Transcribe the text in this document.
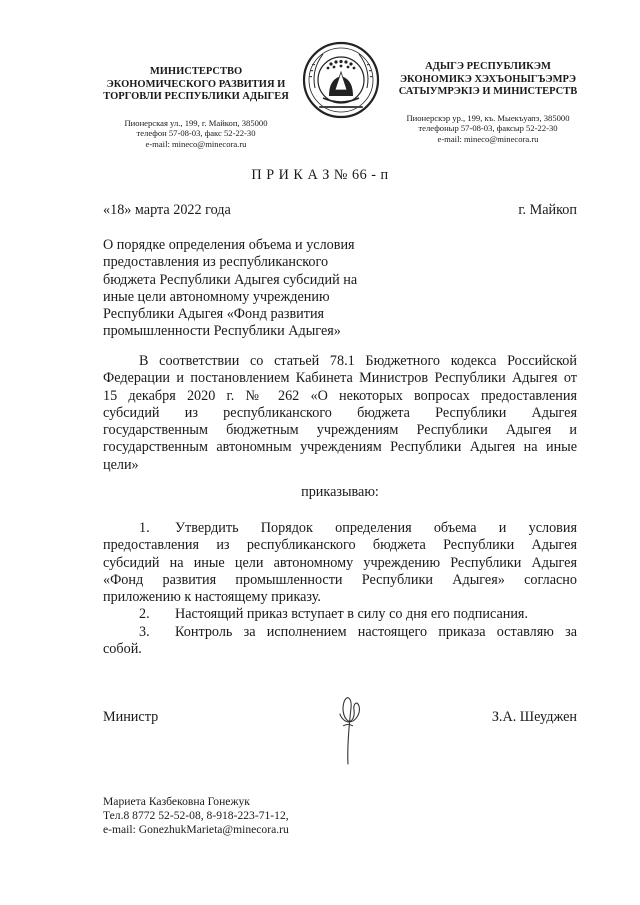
МИНИСТЕРСТВО
ЭКОНОМИЧЕСКОГО РАЗВИТИЯ И
ТОРГОВЛИ РЕСПУБЛИКИ АДЫГЕЯ
Пионерская ул., 199, г. Майкоп, 385000
телефон 57-08-03, факс 52-22-30
e-mail: mineco@minecora.ru
АДЫГЭ РЕСПУБЛИКЭМ
ЭКОНОМИКЭ ХЭХЪОНЫГЪЭМРЭ
САТЫУМРЭКIЭ И МИНИСТЕРСТВ
Пионерскэр ур., 199, къ. Мыекъуапэ, 385000
телефоныр 57-08-03, факсыр 52-22-30
e-mail: mineco@minecora.ru
П Р И К А З № 66 - п
«18» марта 2022 года	г. Майкоп
О порядке определения объема и условия
предоставления из республиканского
бюджета Республики Адыгея субсидий на
иные цели автономному учреждению
Республики Адыгея «Фонд развития
промышленности Республики Адыгея»
В соответствии со статьей 78.1 Бюджетного кодекса Российской
Федерации и постановлением Кабинета Министров Республики Адыгея от
15 декабря 2020 г. № 262 «О некоторых вопросах предоставления
субсидий из республиканского бюджета Республики Адыгея
государственным бюджетным учреждениям Республики Адыгея и
государственным автономным учреждениям Республики Адыгея на иные
цели»
приказываю:
1. Утвердить Порядок определения объема и условия
предоставления из республиканского бюджета Республики Адыгея
субсидий на иные цели автономному учреждению Республики Адыгея
«Фонд развития промышленности Республики Адыгея» согласно
приложению к настоящему приказу.
2. Настоящий приказ вступает в силу со дня его подписания.
3. Контроль за исполнением настоящего приказа оставляю за
собой.
Министр	З.А. Шеуджен
Мариета Казбековна Гонежук
Тел.8 8772 52-52-08, 8-918-223-71-12,
e-mail: GonezhukMarieta@minecora.ru
